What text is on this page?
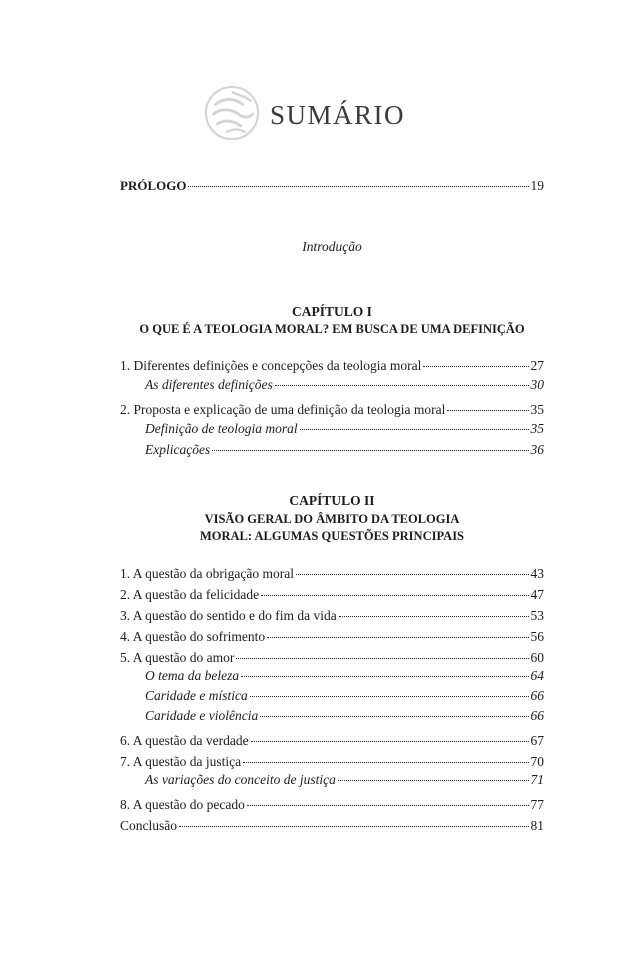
SUMÁRIO
PRÓLOGO	19

Introdução

CAPÍTULO I

O QUE É A TEOLOGIA MORAL? EM BUSCA DE UMA DEFINIÇÃO

1. Diferentes definições e concepções da teologia moral	27
As diferentes definições	30
2. Proposta e explicação de uma definição da teologia moral	35
Definição de teologia moral	35
Explicações	36

CAPÍTULO II

VISÃO GERAL DO ÂMBITO DA TEOLOGIA

MORAL: ALGUMAS QUESTÕES PRINCIPAIS

1. A questão da obrigação moral	43
2. A questão da felicidade	47
3. A questão do sentido e do fim da vida	53
4. A questão do sofrimento	56
5. A questão do amor	60
O tema da beleza	64
Caridade e mística	66
Caridade e violência	66
6. A questão da verdade	67
7. A questão da justiça	70
As variações do conceito de justiça	71
8. A questão do pecado	77
Conclusão	81
